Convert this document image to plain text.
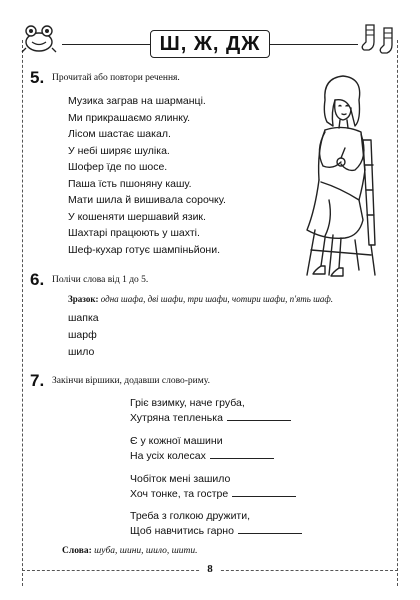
Ш, Ж, ДЖ
5. Прочитай або повтори речення.
Музика заграв на шарманці.
Ми прикрашаємо ялинку.
Лісом шастає шакал.
У небі ширяє шуліка.
Шофер їде по шосе.
Паша їсть пшоняну кашу.
Мати шила й вишивала сорочку.
У кошеняти шершавий язик.
Шахтарі працюють у шахті.
Шеф-кухар готує шампіньйони.
6. Полічи слова від 1 до 5.
Зразок: одна шафа, дві шафи, три шафи, чотири шафи, п'ять шаф.
шапка
шарф
шило
7. Закінчи віршики, додавши слово-риму.
Гріє взимку, наче груба,
Хутряна тепленька
Є у кожної машини
На усіх колесах
Чобіток мені зашило
Хоч тонке, та гостре
Треба з голкою дружити,
Щоб навчитись гарно
Слова: шуба, шини, шило, шити.
8
